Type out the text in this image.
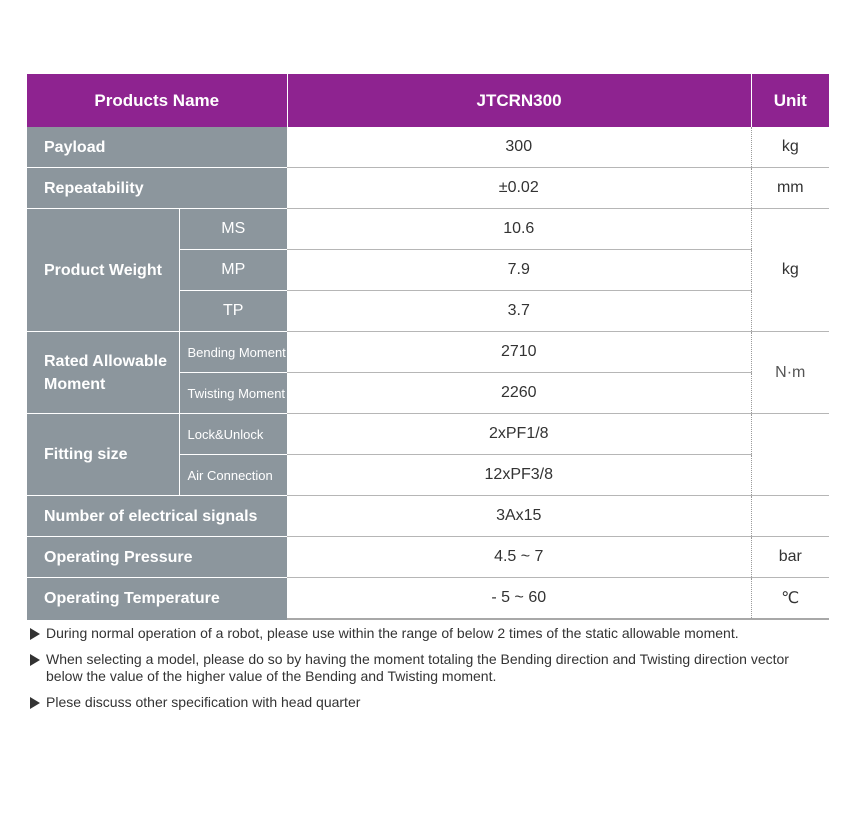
Products Name		JTCRN300	Unit
Payload		300	kg
Repeatability		±0.02	mm
Product Weight	MS	10.6	kg
	MP	7.9	
	TP	3.7	
Rated Allowable Moment	Bending Moment	2710	N·m
	Twisting Moment	2260	
Fitting size	Lock&Unlock	2xPF1/8	
	Air Connection	12xPF3/8	
Number of electrical signals		3Ax15	
Operating Pressure		4.5 ~ 7	bar
Operating Temperature		- 5 ~ 60	℃
During normal operation of a robot, please use within the range of below 2 times of the static allowable moment.
When selecting a model, please do so by having the moment totaling the Bending direction and Twisting direction vector below the value of the higher value of the Bending and Twisting moment.
Plese discuss other specification with head quarter
